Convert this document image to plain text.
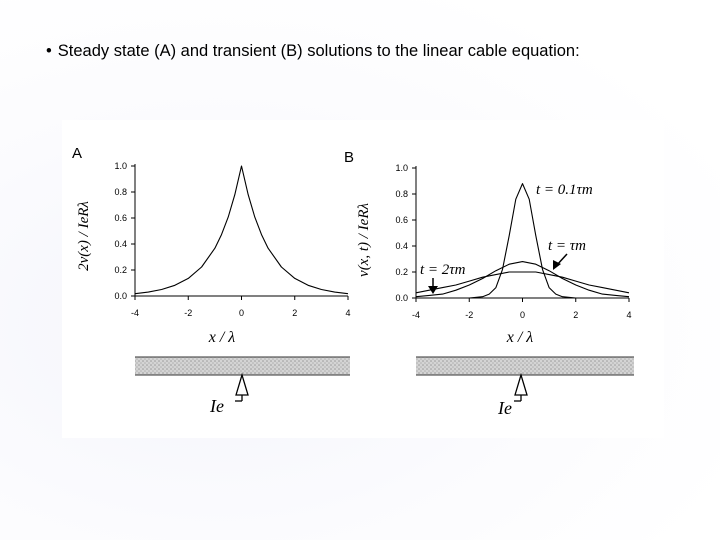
• Steady state (A) and transient (B) solutions to the linear cable equation:
A
x / λ
2v(x) / IeRλ
B
x / λ
v(x, t) / IeRλ
t = 0.1τm
t = τm
t = 2τm
Ie	Ie
-4	-2	0	2	4
0.0
0.2
0.4
0.6
0.8
1.0
-4	-2	0	2	4
0.0
0.2
0.4
0.6
0.8
1.0
